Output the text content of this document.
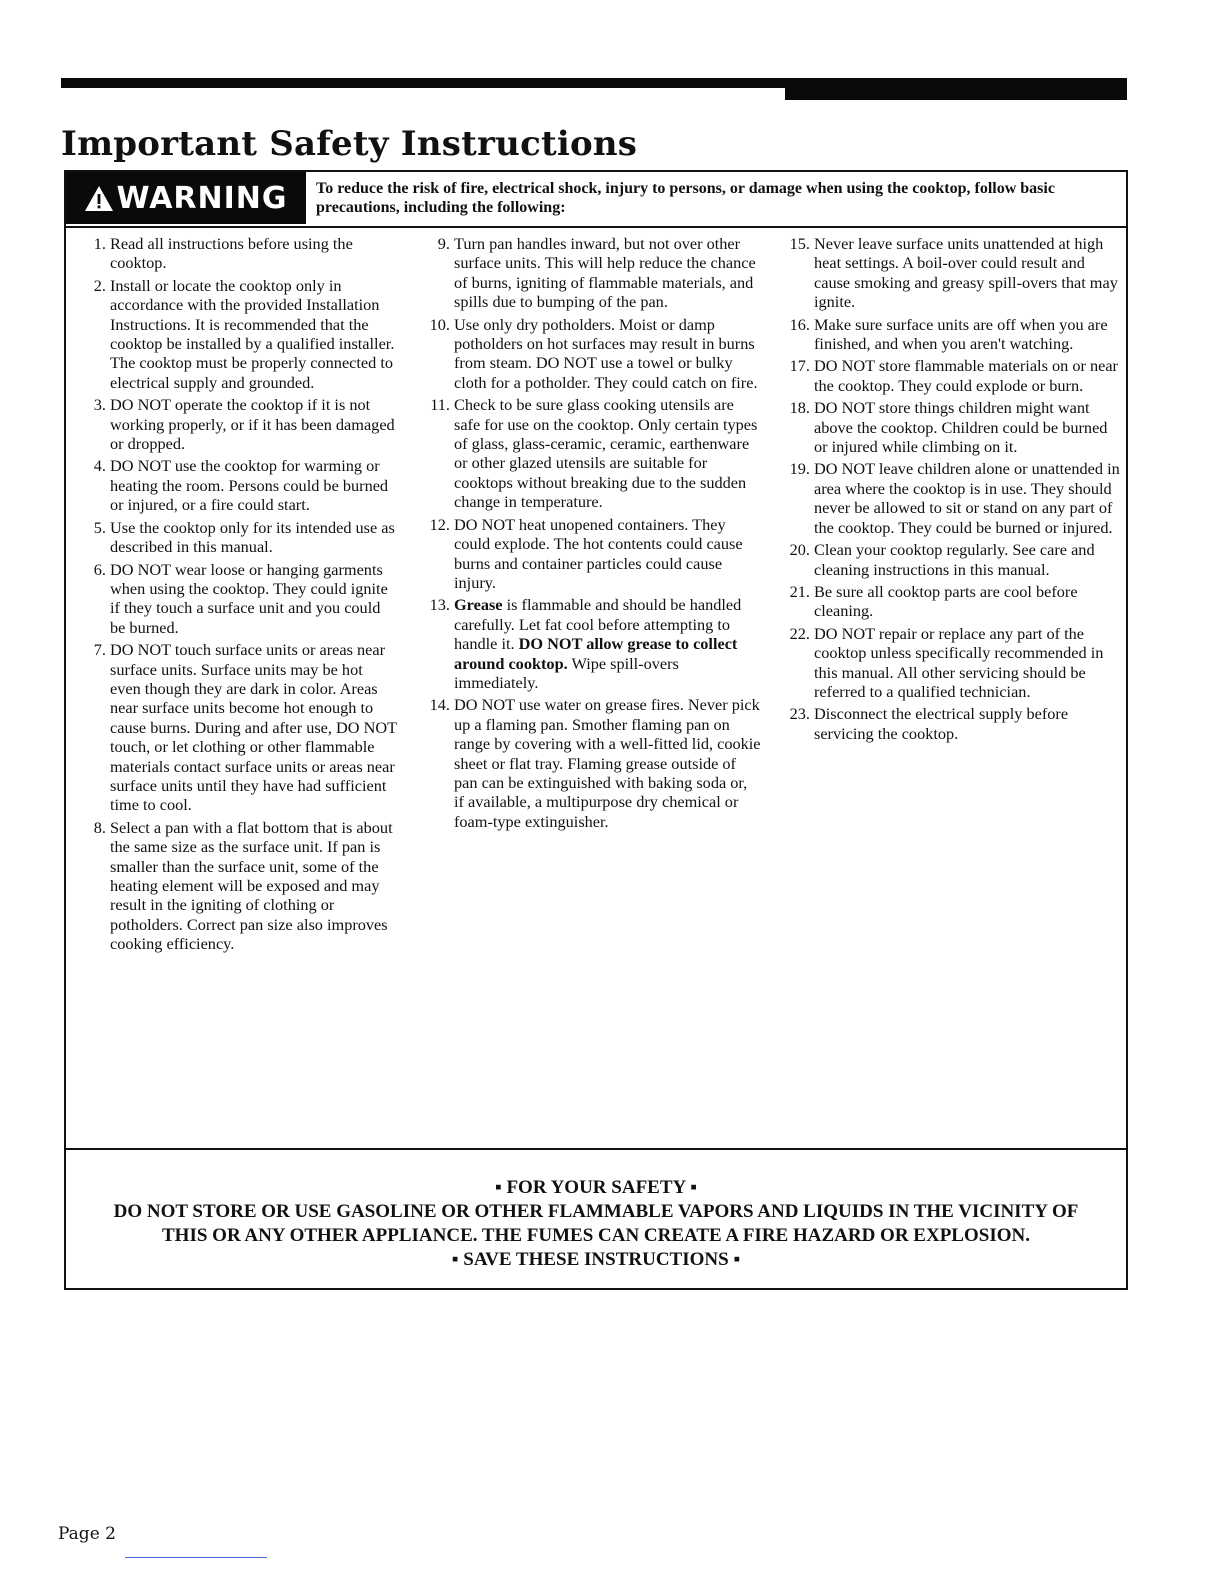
Important Safety Instructions
WARNING To reduce the risk of fire, electrical shock, injury to persons, or damage when using the cooktop, follow basic precautions, including the following:
1. Read all instructions before using the cooktop.
2. Install or locate the cooktop only in accordance with the provided Installation Instructions. It is recommended that the cooktop be installed by a qualified installer. The cooktop must be properly connected to electrical supply and grounded.
3. DO NOT operate the cooktop if it is not working properly, or if it has been damaged or dropped.
4. DO NOT use the cooktop for warming or heating the room. Persons could be burned or injured, or a fire could start.
5. Use the cooktop only for its intended use as described in this manual.
6. DO NOT wear loose or hanging garments when using the cooktop. They could ignite if they touch a surface unit and you could be burned.
7. DO NOT touch surface units or areas near surface units. Surface units may be hot even though they are dark in color. Areas near surface units become hot enough to cause burns. During and after use, DO NOT touch, or let clothing or other flammable materials contact surface units or areas near surface units until they have had sufficient time to cool.
8. Select a pan with a flat bottom that is about the same size as the surface unit. If pan is smaller than the surface unit, some of the heating element will be exposed and may result in the igniting of clothing or potholders. Correct pan size also improves cooking efficiency.
9. Turn pan handles inward, but not over other surface units. This will help reduce the chance of burns, igniting of flammable materials, and spills due to bumping of the pan.
10. Use only dry potholders. Moist or damp potholders on hot surfaces may result in burns from steam. DO NOT use a towel or bulky cloth for a potholder. They could catch on fire.
11. Check to be sure glass cooking utensils are safe for use on the cooktop. Only certain types of glass, glass-ceramic, ceramic, earthenware or other glazed utensils are suitable for cooktops without breaking due to the sudden change in temperature.
12. DO NOT heat unopened containers. They could explode. The hot contents could cause burns and container particles could cause injury.
13. Grease is flammable and should be handled carefully. Let fat cool before attempting to handle it. DO NOT allow grease to collect around cooktop. Wipe spill-overs immediately.
14. DO NOT use water on grease fires. Never pick up a flaming pan. Smother flaming pan on range by covering with a well-fitted lid, cookie sheet or flat tray. Flaming grease outside of pan can be extinguished with baking soda or, if available, a multipurpose dry chemical or foam-type extinguisher.
15. Never leave surface units unattended at high heat settings. A boil-over could result and cause smoking and greasy spill-overs that may ignite.
16. Make sure surface units are off when you are finished, and when you aren't watching.
17. DO NOT store flammable materials on or near the cooktop. They could explode or burn.
18. DO NOT store things children might want above the cooktop. Children could be burned or injured while climbing on it.
19. DO NOT leave children alone or unattended in area where the cooktop is in use. They should never be allowed to sit or stand on any part of the cooktop. They could be burned or injured.
20. Clean your cooktop regularly. See care and cleaning instructions in this manual.
21. Be sure all cooktop parts are cool before cleaning.
22. DO NOT repair or replace any part of the cooktop unless specifically recommended in this manual. All other servicing should be referred to a qualified technician.
23. Disconnect the electrical supply before servicing the cooktop.
▪ FOR YOUR SAFETY ▪
DO NOT STORE OR USE GASOLINE OR OTHER FLAMMABLE VAPORS AND LIQUIDS IN THE VICINITY OF
THIS OR ANY OTHER APPLIANCE. THE FUMES CAN CREATE A FIRE HAZARD OR EXPLOSION.
▪ SAVE THESE INSTRUCTIONS ▪
Page 2
